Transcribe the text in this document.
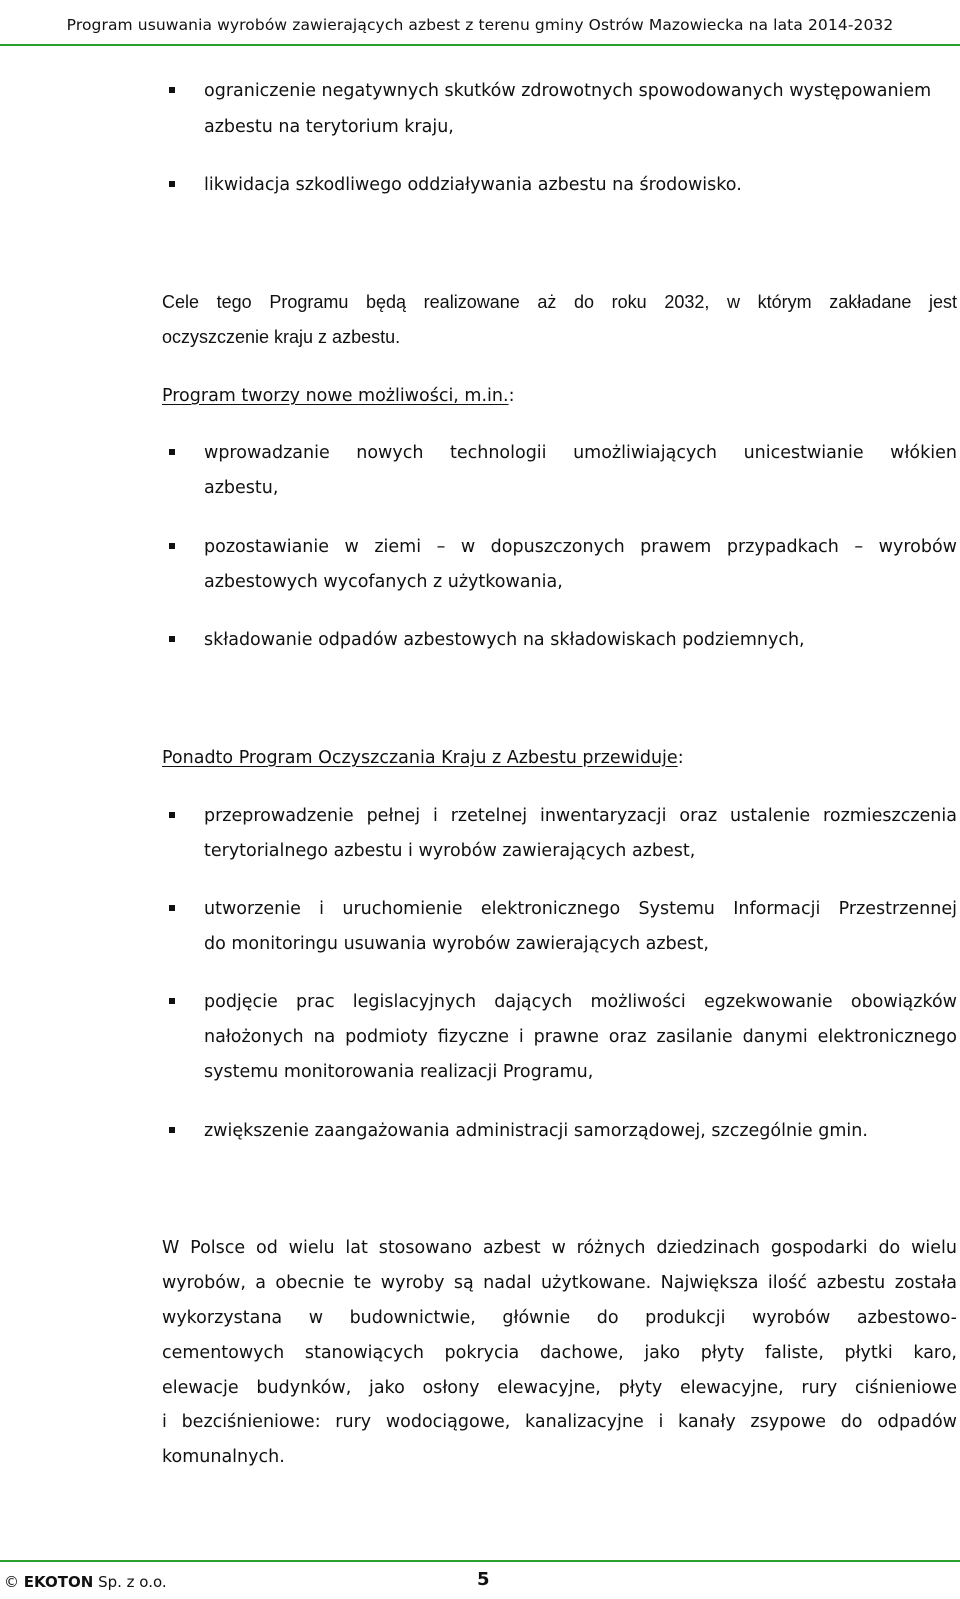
Program usuwania wyrobów zawierających azbest z terenu gminy Ostrów Mazowiecka na lata 2014-2032
ograniczenie negatywnych skutków zdrowotnych spowodowanych występowaniem
azbestu na terytorium kraju,
likwidacja szkodliwego oddziaływania azbestu na środowisko.
Cele tego Programu będą realizowane aż do roku 2032, w którym zakładane jest
oczyszczenie kraju z azbestu.
Program tworzy nowe możliwości, m.in.:
wprowadzanie nowych technologii umożliwiających unicestwianie włókien
azbestu,
pozostawianie w ziemi – w dopuszczonych prawem przypadkach – wyrobów
azbestowych wycofanych z użytkowania,
składowanie odpadów azbestowych na składowiskach podziemnych,
Ponadto Program Oczyszczania Kraju z Azbestu przewiduje:
przeprowadzenie pełnej i rzetelnej inwentaryzacji oraz ustalenie rozmieszczenia
terytorialnego azbestu i wyrobów zawierających azbest,
utworzenie i uruchomienie elektronicznego Systemu Informacji Przestrzennej
do monitoringu usuwania wyrobów zawierających azbest,
podjęcie prac legislacyjnych dających możliwości egzekwowanie obowiązków
nałożonych na podmioty fizyczne i prawne oraz zasilanie danymi elektronicznego
systemu monitorowania realizacji Programu,
zwiększenie zaangażowania administracji samorządowej, szczególnie gmin.
W Polsce od wielu lat stosowano azbest w różnych dziedzinach gospodarki do wielu
wyrobów, a obecnie te wyroby są nadal użytkowane. Największa ilość azbestu została
wykorzystana w budownictwie, głównie do produkcji wyrobów azbestowo-
cementowych stanowiących pokrycia dachowe, jako płyty faliste, płytki karo,
elewacje budynków, jako osłony elewacyjne, płyty elewacyjne, rury ciśnieniowe
i bezciśnieniowe: rury wodociągowe, kanalizacyjne i kanały zsypowe do odpadów
komunalnych.
© EKOTON Sp. z o.o.	5
